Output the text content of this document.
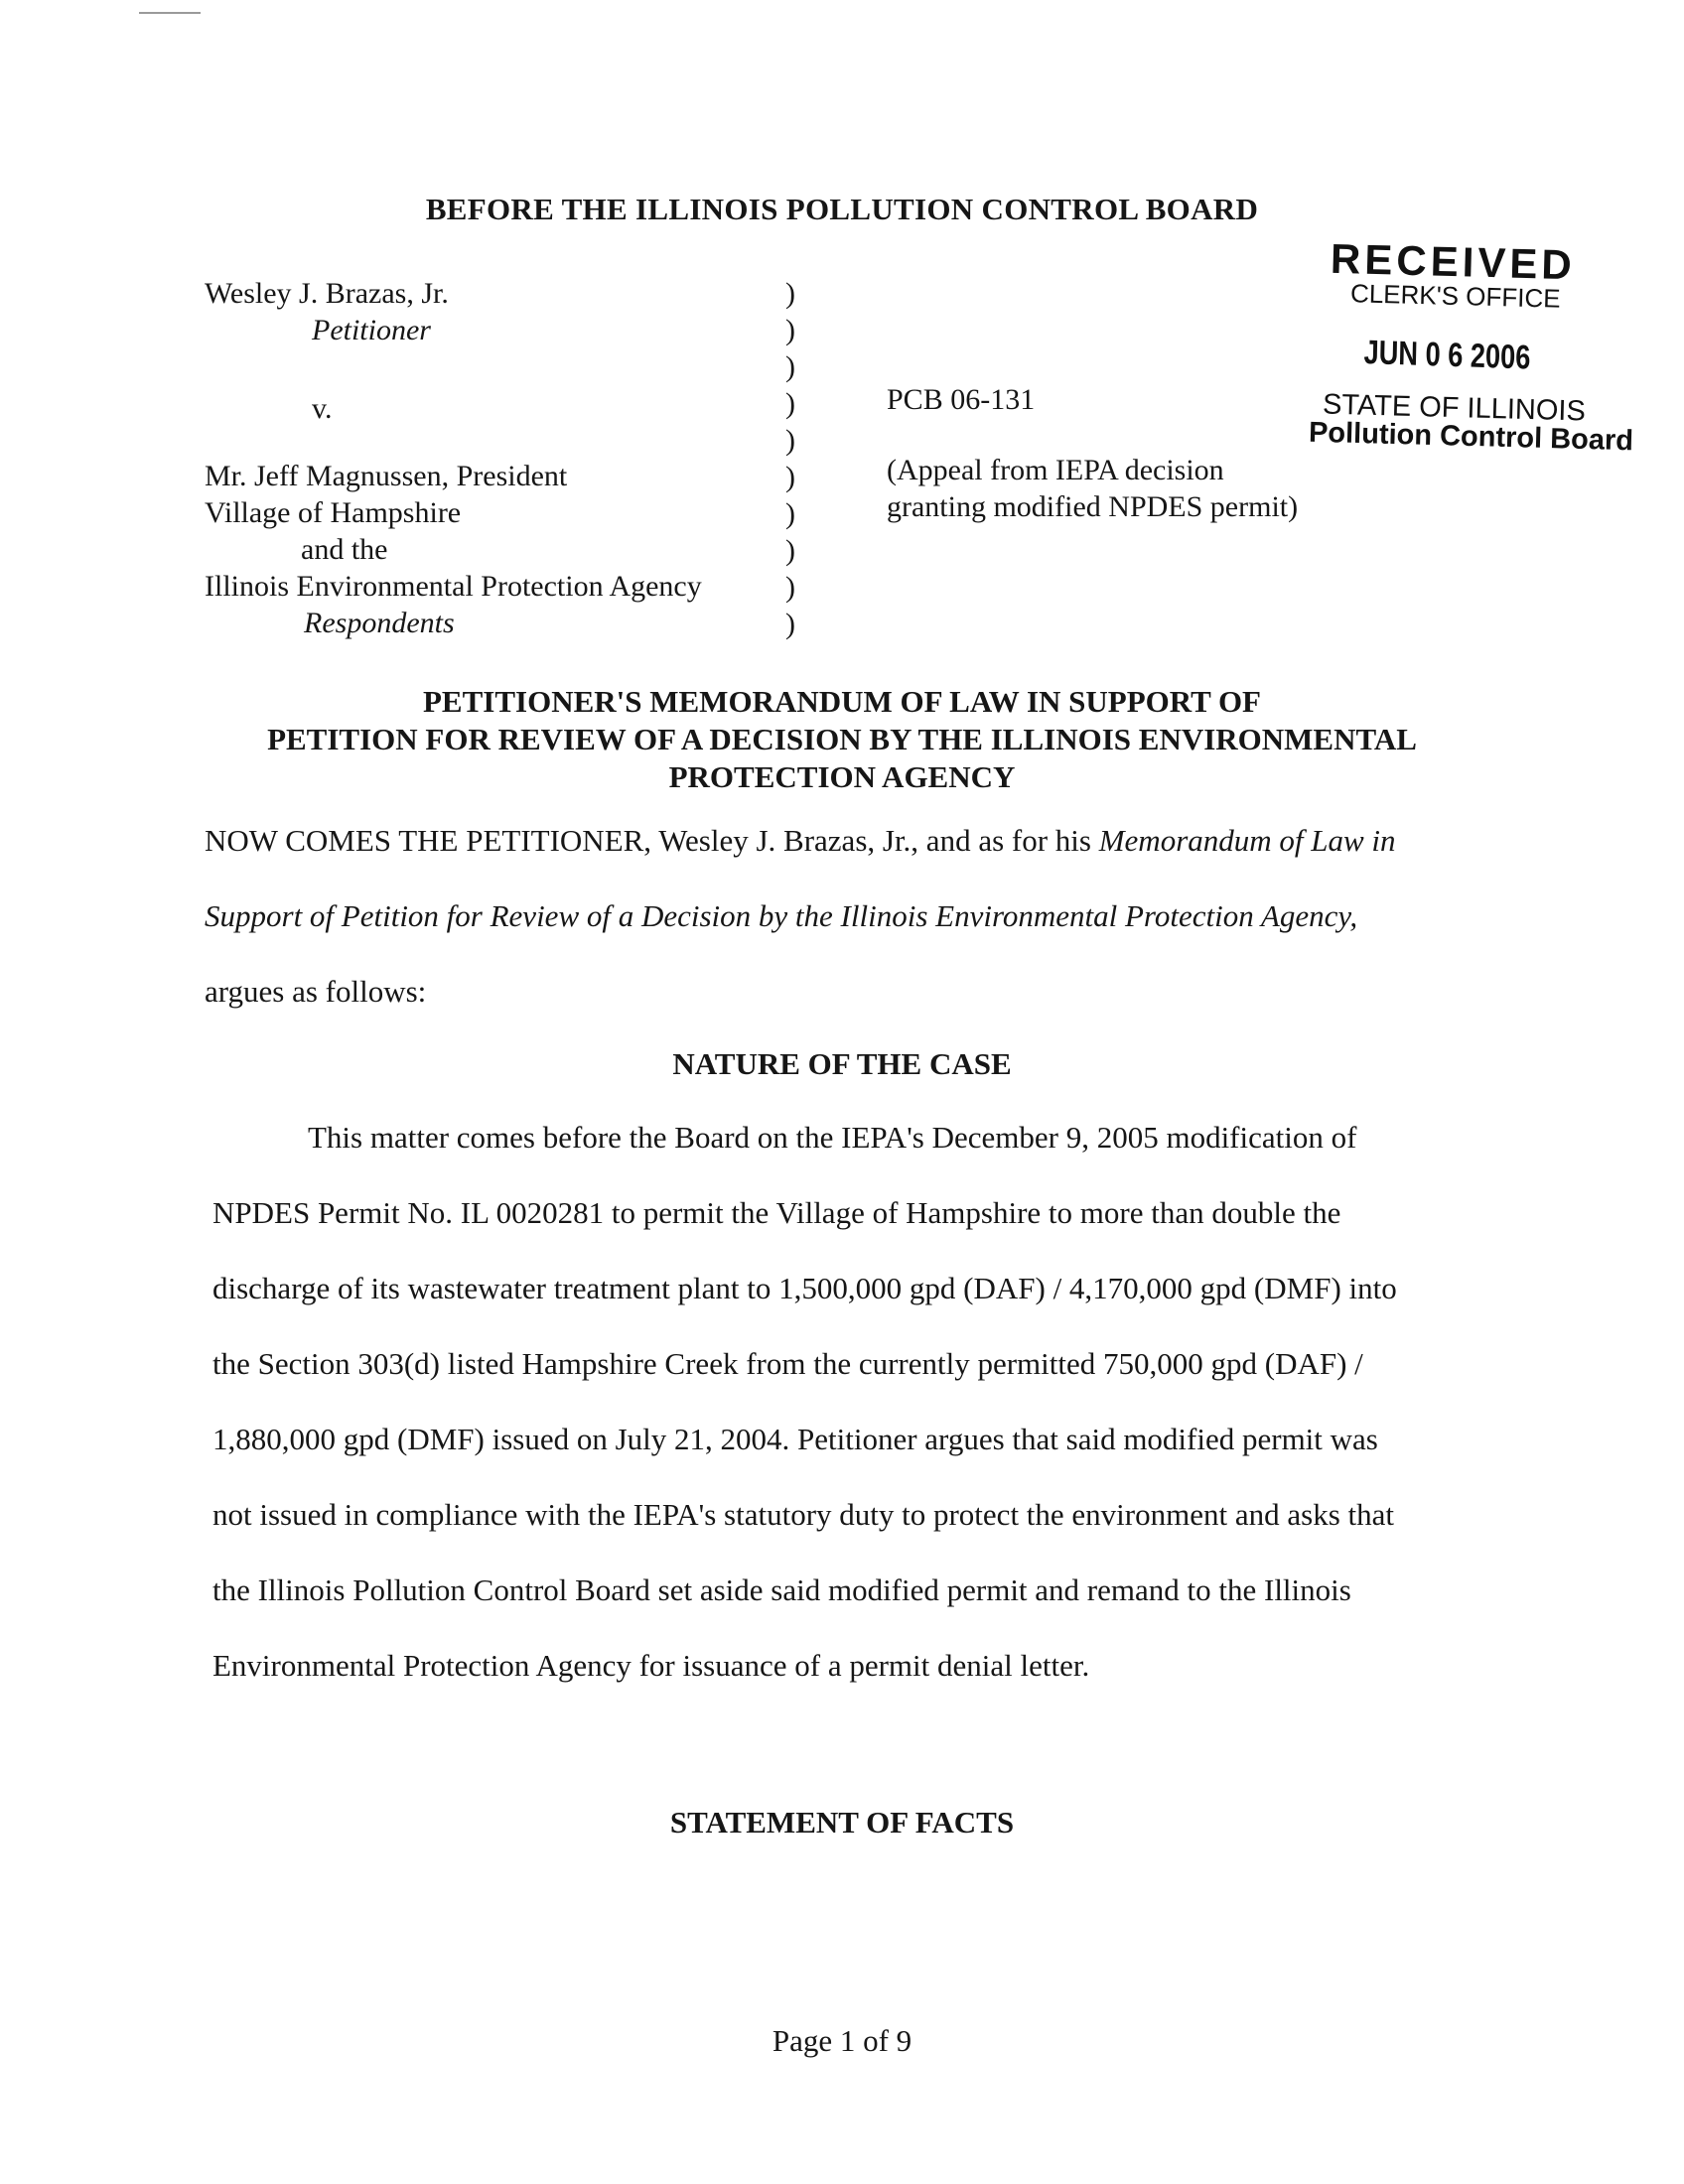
BEFORE THE ILLINOIS POLLUTION CONTROL BOARD
Wesley J. Brazas, Jr.
Petitioner
v.
Mr. Jeff Magnussen, President
Village of Hampshire
and the
Illinois Environmental Protection Agency
Respondents
)
)
)
)
)
)
)
)
)
)
PCB 06-131
(Appeal from IEPA decision
granting modified NPDES permit)
RECEIVED
CLERK'S OFFICE
JUN 0 6 2006
STATE OF ILLINOIS
Pollution Control Board
PETITIONER'S MEMORANDUM OF LAW IN SUPPORT OF
PETITION FOR REVIEW OF A DECISION BY THE ILLINOIS ENVIRONMENTAL
PROTECTION AGENCY
NOW COMES THE PETITIONER, Wesley J. Brazas, Jr., and as for his Memorandum of Law in
Support of Petition for Review of a Decision by the Illinois Environmental Protection Agency,
argues as follows:
NATURE OF THE CASE
This matter comes before the Board on the IEPA's December 9, 2005 modification of
NPDES Permit No. IL 0020281 to permit the Village of Hampshire to more than double the
discharge of its wastewater treatment plant to 1,500,000 gpd (DAF) / 4,170,000 gpd (DMF) into
the Section 303(d) listed Hampshire Creek from the currently permitted 750,000 gpd (DAF) /
1,880,000 gpd (DMF) issued on July 21, 2004. Petitioner argues that said modified permit was
not issued in compliance with the IEPA's statutory duty to protect the environment and asks that
the Illinois Pollution Control Board set aside said modified permit and remand to the Illinois
Environmental Protection Agency for issuance of a permit denial letter.
STATEMENT OF FACTS
Page 1 of 9
